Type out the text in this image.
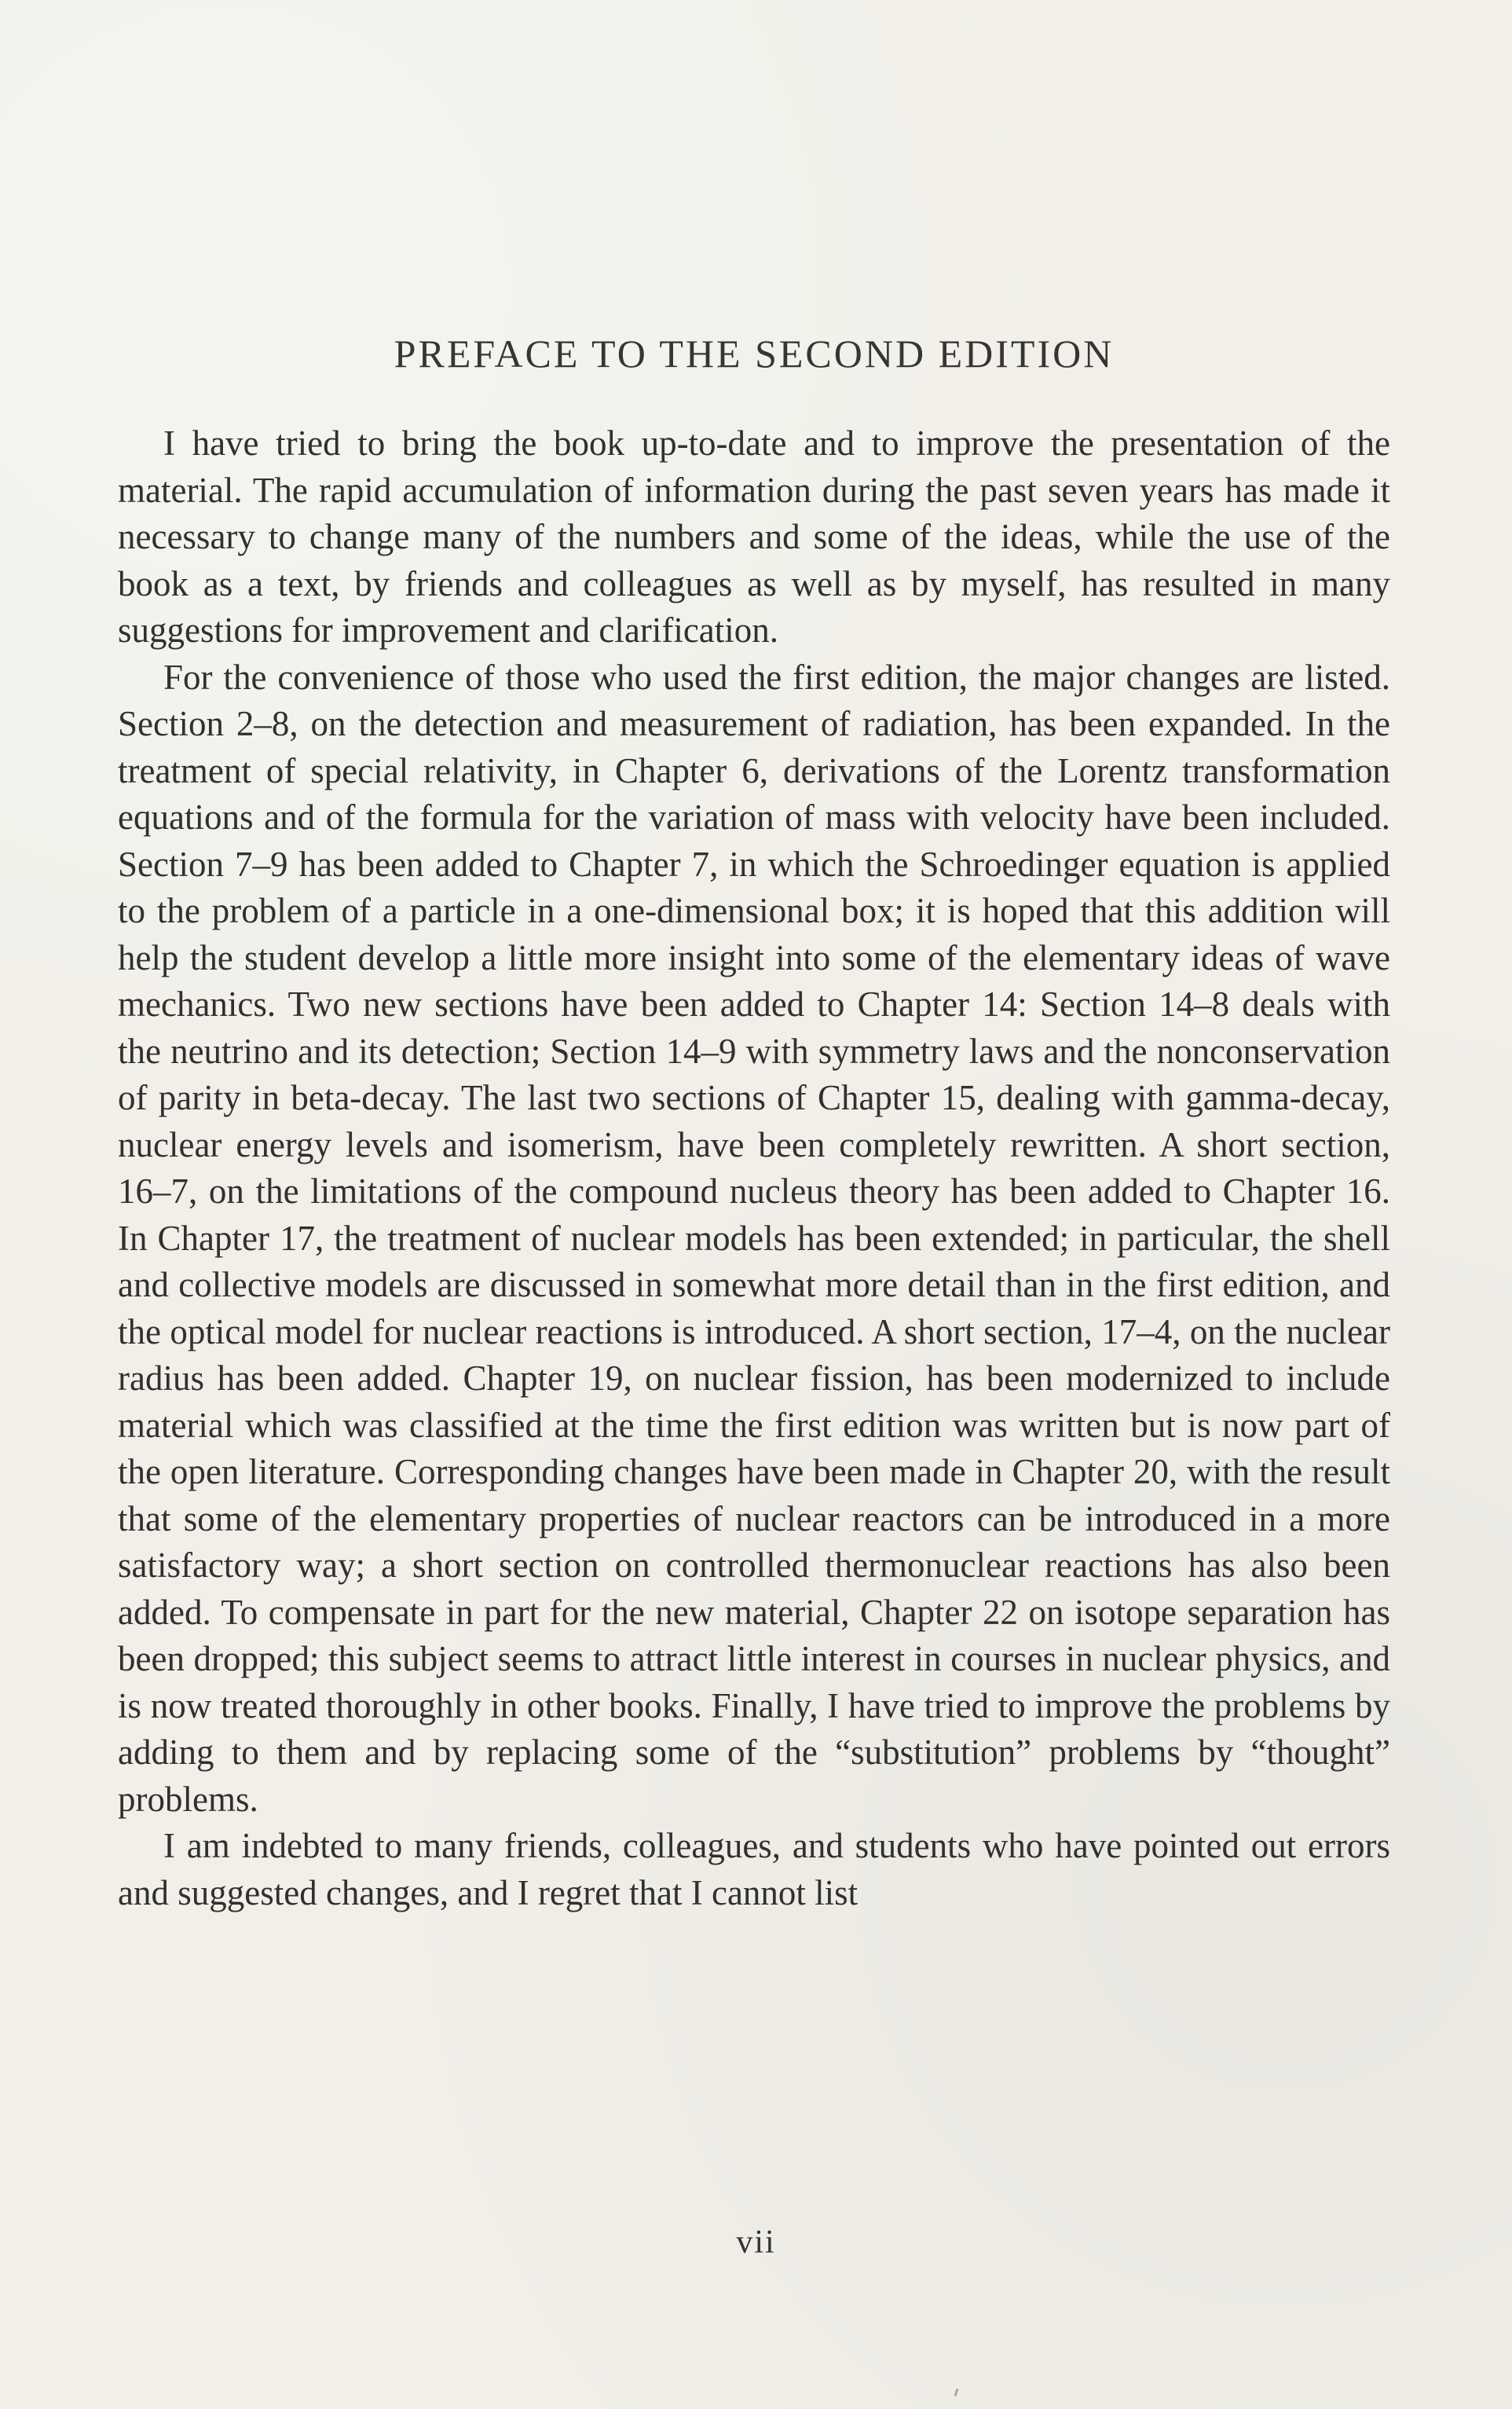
PREFACE TO THE SECOND EDITION

I have tried to bring the book up-to-date and to improve the presentation of the material. The rapid accumulation of information during the past seven years has made it necessary to change many of the numbers and some of the ideas, while the use of the book as a text, by friends and colleagues as well as by myself, has resulted in many suggestions for improvement and clarification.

For the convenience of those who used the first edition, the major changes are listed. Section 2–8, on the detection and measurement of radiation, has been expanded. In the treatment of special relativity, in Chapter 6, derivations of the Lorentz transformation equations and of the formula for the variation of mass with velocity have been included. Section 7–9 has been added to Chapter 7, in which the Schroedinger equation is applied to the problem of a particle in a one-dimensional box; it is hoped that this addition will help the student develop a little more insight into some of the elementary ideas of wave mechanics. Two new sections have been added to Chapter 14: Section 14–8 deals with the neutrino and its detection; Section 14–9 with symmetry laws and the nonconservation of parity in beta-decay. The last two sections of Chapter 15, dealing with gamma-decay, nuclear energy levels and isomerism, have been completely rewritten. A short section, 16–7, on the limitations of the compound nucleus theory has been added to Chapter 16. In Chapter 17, the treatment of nuclear models has been extended; in particular, the shell and collective models are discussed in somewhat more detail than in the first edition, and the optical model for nuclear reactions is introduced. A short section, 17–4, on the nuclear radius has been added. Chapter 19, on nuclear fission, has been modernized to include material which was classified at the time the first edition was written but is now part of the open literature. Corresponding changes have been made in Chapter 20, with the result that some of the elementary properties of nuclear reactors can be introduced in a more satisfactory way; a short section on controlled thermonuclear reactions has also been added. To compensate in part for the new material, Chapter 22 on isotope separation has been dropped; this subject seems to attract little interest in courses in nuclear physics, and is now treated thoroughly in other books. Finally, I have tried to improve the problems by adding to them and by replacing some of the “substitution” problems by “thought” problems.

I am indebted to many friends, colleagues, and students who have pointed out errors and suggested changes, and I regret that I cannot list

vii
